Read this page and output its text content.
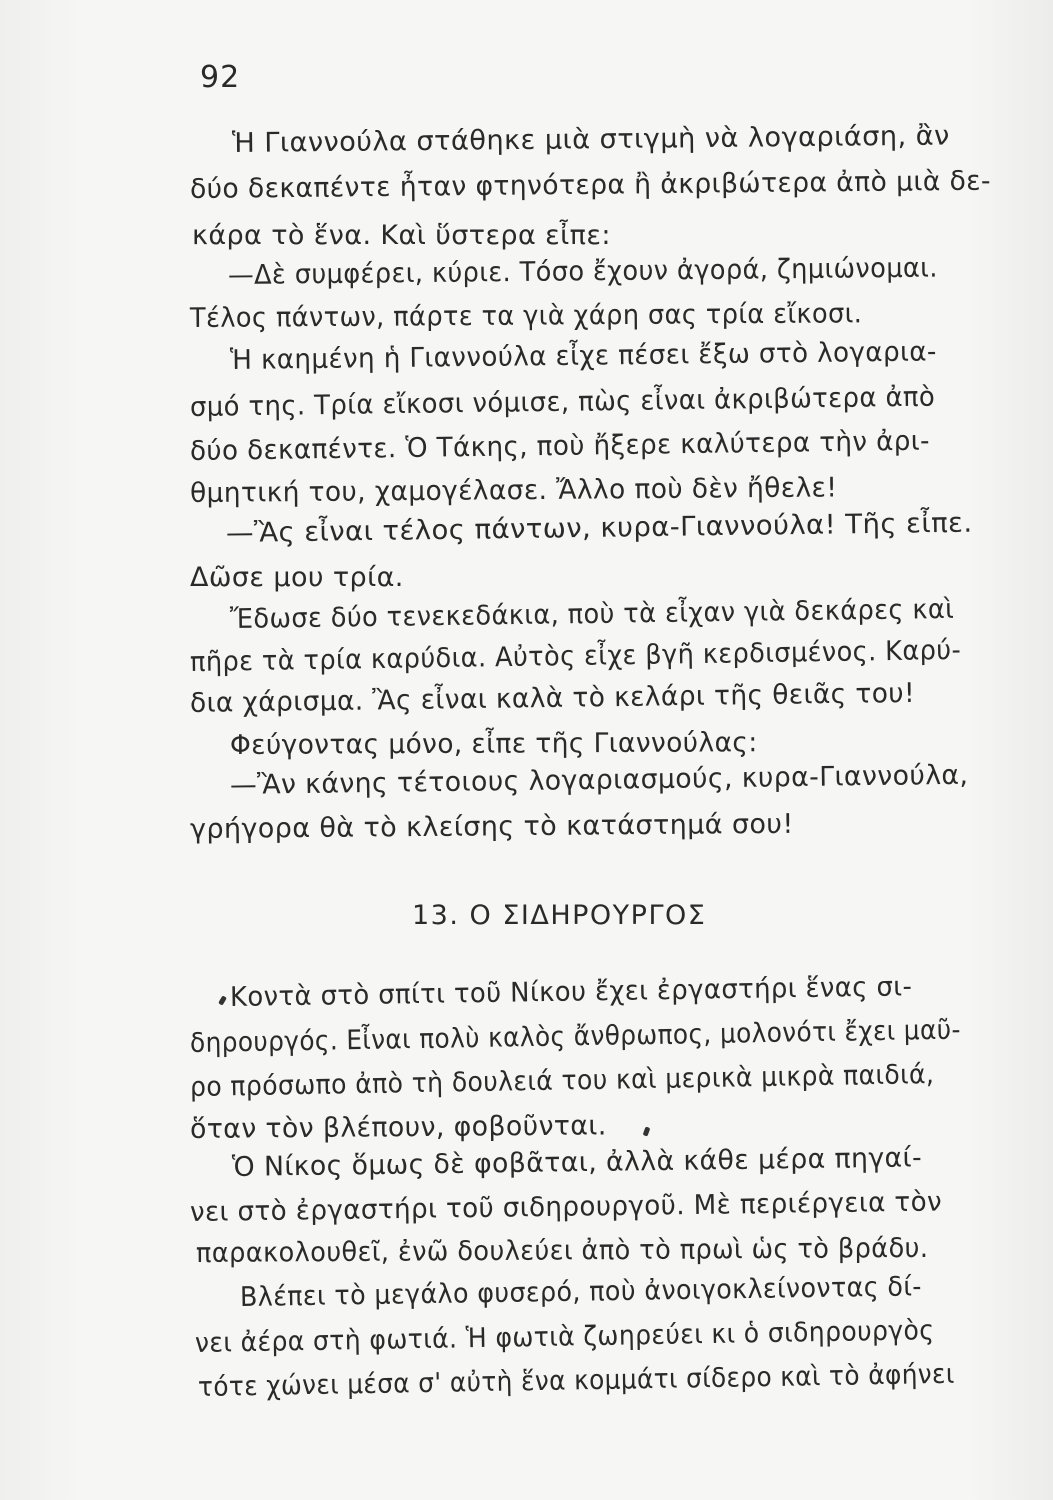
92
Ἡ Γιαννούλα στάθηκε μιὰ στιγμὴ νὰ λογαριάση, ἂν
δύο δεκαπέντε ἦταν φτηνότερα ἢ ἀκριβώτερα ἀπὸ μιὰ δε-
κάρα τὸ ἕνα. Καὶ ὕστερα εἶπε:
—Δὲ συμφέρει, κύριε. Τόσο ἔχουν ἀγορά, ζημιώνομαι.
Τέλος πάντων, πάρτε τα γιὰ χάρη σας τρία εἴκοσι.
Ἡ καημένη ἡ Γιαννούλα εἶχε πέσει ἔξω στὸ λογαρια-
σμό της. Τρία εἴκοσι νόμισε, πὼς εἶναι ἀκριβώτερα ἀπὸ
δύο δεκαπέντε. Ὁ Τάκης, ποὺ ἤξερε καλύτερα τὴν ἀρι-
θμητική του, χαμογέλασε. Ἄλλο ποὺ δὲν ἤθελε!
—Ἂς εἶναι τέλος πάντων, κυρα-Γιαννούλα! Τῆς εἶπε.
Δῶσε μου τρία.
Ἔδωσε δύο τενεκεδάκια, ποὺ τὰ εἶχαν γιὰ δεκάρες καὶ
πῆρε τὰ τρία καρύδια. Αὐτὸς εἶχε βγῆ κερδισμένος. Καρύ-
δια χάρισμα. Ἂς εἶναι καλὰ τὸ κελάρι τῆς θειᾶς του!
Φεύγοντας μόνο, εἶπε τῆς Γιαννούλας:
—Ἂν κάνης τέτοιους λογαριασμούς, κυρα-Γιαννούλα,
γρήγορα θὰ τὸ κλείσης τὸ κατάστημά σου!
13. Ο ΣΙΔΗΡΟΥΡΓΟΣ
Κοντὰ στὸ σπίτι τοῦ Νίκου ἔχει ἐργαστήρι ἕνας σι-
δηρουργός. Εἶναι πολὺ καλὸς ἄνθρωπος, μολονότι ἔχει μαῦ-
ρο πρόσωπο ἀπὸ τὴ δουλειά του καὶ μερικὰ μικρὰ παιδιά,
ὅταν τὸν βλέπουν, φοβοῦνται.
Ὁ Νίκος ὅμως δὲ φοβᾶται, ἀλλὰ κάθε μέρα πηγαί-
νει στὸ ἐργαστήρι τοῦ σιδηρουργοῦ. Μὲ περιέργεια τὸν
παρακολουθεῖ, ἐνῶ δουλεύει ἀπὸ τὸ πρωὶ ὡς τὸ βράδυ.
Βλέπει τὸ μεγάλο φυσερό, ποὺ ἀνοιγοκλείνοντας δί-
νει ἀέρα στὴ φωτιά. Ἡ φωτιὰ ζωηρεύει κι ὁ σιδηρουργὸς
τότε χώνει μέσα σ' αὐτὴ ἕνα κομμάτι σίδερο καὶ τὸ ἀφήνει
